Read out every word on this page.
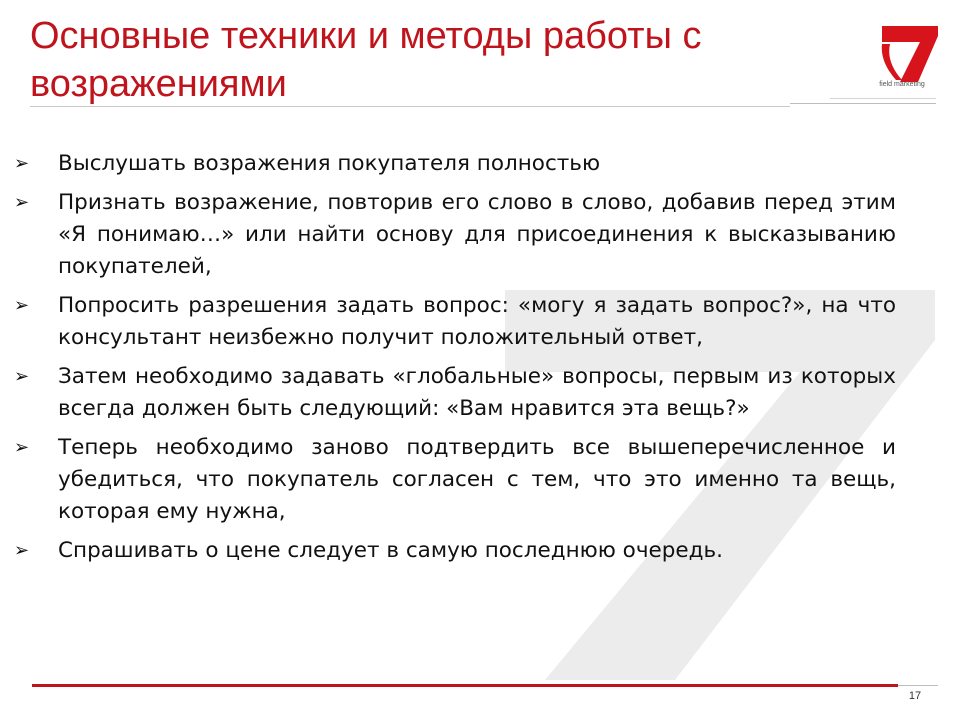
Основные техники и методы работы с
возражениями	field marketing
➢ Выслушать возражения покупателя полностью
➢ Признать возражение, повторив его слово в слово, добавив перед этим «Я понимаю…» или найти основу для присоединения к высказыванию покупателей,
➢ Попросить разрешения задать вопрос: «могу я задать вопрос?», на что консультант неизбежно получит положительный ответ,
➢ Затем необходимо задавать «глобальные» вопросы, первым из которых всегда должен быть следующий: «Вам нравится эта вещь?»
➢ Теперь необходимо заново подтвердить все вышеперечисленное и убедиться, что покупатель согласен с тем, что это именно та вещь, которая ему нужна,
➢ Спрашивать о цене следует в самую последнюю очередь.
17
